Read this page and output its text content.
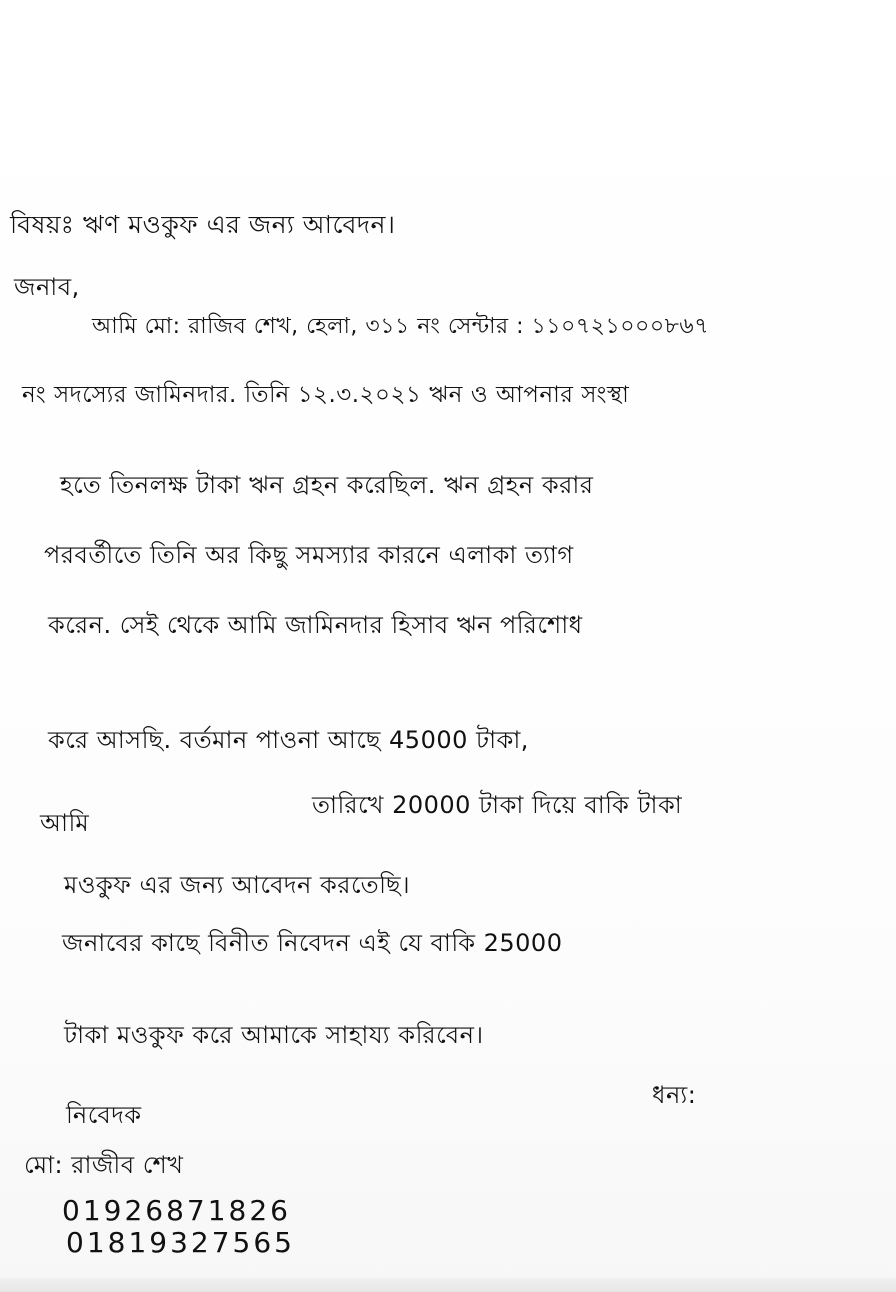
বিষয়ঃ ঋণ মওকুফ এর জন্য আবেদন।
জনাব,
আমি মো: রাজিব শেখ, হেলা, ৩১১ নং সেন্টার : ১১০৭২১০০০৮৬৭
নং সদস্যের জামিনদার. তিনি ১২.৩.২০২১ ঋন ও আপনার সংস্থা
হতে তিনলক্ষ টাকা ঋন গ্রহন করেছিল. ঋন গ্রহন করার
পরবর্তীতে তিনি অর কিছু সমস্যার কারনে এলাকা ত্যাগ
করেন. সেই থেকে আমি জামিনদার হিসাব ঋন পরিশোধ
করে আসছি. বর্তমান পাওনা আছে 45000 টাকা,
আমি
তারিখে 20000 টাকা দিয়ে বাকি টাকা
মওকুফ এর জন্য আবেদন করতেছি।
জনাবের কাছে বিনীত নিবেদন এই যে বাকি 25000
টাকা মওকুফ করে আমাকে সাহায্য করিবেন।
ধন্য:
নিবেদক
মো: রাজীব শেখ
01926871826
01819327565
